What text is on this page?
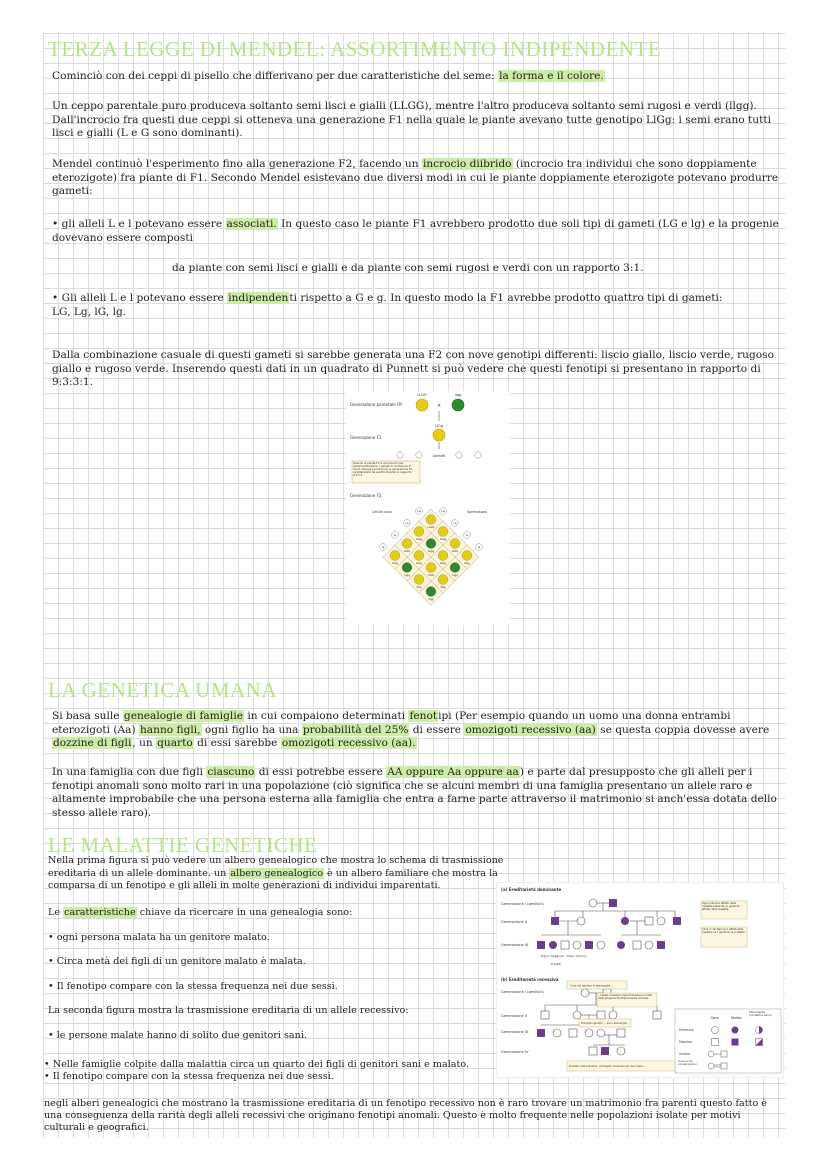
TERZA LEGGE DI MENDEL: ASSORTIMENTO INDIPENDENTE
Cominciò con dei ceppi di pisello che differivano per due caratteristiche del seme: la forma e il colore.
Un ceppo parentale puro produceva soltanto semi lisci e gialli (LLGG), mentre l'altro produceva soltanto semi rugosi e verdi (llgg). Dall'incrocio fra questi due ceppi si otteneva una generazione F1 nella quale le piante avevano tutte genotipo LlGg: i semi erano tutti lisci e gialli (L e G sono dominanti).
Mendel continuò l'esperimento fino alla generazione F2, facendo un incrocio diibrido (incrocio tra individui che sono doppiamente eterozigote) fra piante di F1. Secondo Mendel esistevano due diversi modi in cui le piante doppiamente eterozigote potevano produrre gameti:
• gli alleli L e l potevano essere associati. In questo caso le piante F1 avrebbero prodotto due soli tipi di gameti (LG e lg) e la progenie dovevano essere composti
da piante con semi lisci e gialli e da piante con semi rugosi e verdi con un rapporto 3:1.
• Gli alleli L e l potevano essere indipendenti rispetto a G e g. In questo modo la F1 avrebbe prodotto quattro tipi di gameti: LG, Lg, lG, lg.
Dalla combinazione casuale di questi gameti si sarebbe generata una F2 con nove genotipi differenti: liscio giallo, liscio verde, rugoso giallo e rugoso verde. Inserendo questi dati in un quadrato di Punnett si può vedere che questi fenotipi si presentano in rapporto di 9:3:3:1.
Generazione parentale (P)
LLGG
×
llgg
LlGg
Generazione F1
Gameti
Quando le piante F1 si riproducono per autoimpollinazione, i gameti si combinano in modo casuale e producono la generazione F2, caratterizzata da quattro fenotipi in rapporto 9:3:3:1
Generazione F2
Cellule uovo	Spermatozoi
LLGG
LLGg
LlGG
LlGg
LLGg
LLgg
LlGg
Llgg
LlGG
LlGg
llGG
llGg
LlGg
Llgg
llGg
llgg
LG	LG
Lg	Lg
lG	lG
lg	lg
LA GENETICA UMANA
Si basa sulle genealogie di famiglie in cui compaiono determinati fenotipi (Per esempio quando un uomo una donna entrambi eterozigoti (Aa) hanno figli, ogni figlio ha una probabilità del 25% di essere omozigoti recessivo (aa) se questa coppia dovesse avere dozzine di figli, un quarto di essi sarebbe omozigoti recessivo (aa).
In una famiglia con due figli ciascuno di essi potrebbe essere AA oppure Aa oppure aa) e parte dal presupposto che gli alleli per i fenotipi anomali sono molto rari in una popolazione (ciò significa che se alcuni membri di una famiglia presentano un allele raro e altamente improbabile che una persona esterna alla famiglia che entra a farne parte attraverso il matrimonio si anch'essa dotata dello stesso allele raro).
LE MALATTIE GENETICHE
Nella prima figura si può vedere un albero genealogico che mostra lo schema di trasmissione ereditaria di un allele dominante. un albero genealogico è un albero familiare che mostra la comparsa di un fenotipo e gli alleli in molte generazioni di individui imparentati.
Le caratteristiche chiave da ricercare in una genealogia sono:
• ogni persona malata ha un genitore malato.
• Circa metà dei figli di un genitore malato è malata.
• Il fenotipo compare con la stessa frequenza nei due sessi.
La seconda figura mostra la trasmissione ereditaria di un allele recessivo:
• le persone malate hanno di solito due genitori sani.
• Nelle famiglie colpite dalla malattia circa un quarto dei figli di genitori sani e malato.
• Il fenotipo compare con la stessa frequenza nei due sessi.
negli alberi genealogici che mostrano la trasmissione ereditaria di un fenotipo recessivo non è raro trovare un matrimonio fra parenti questo fatto è una conseguenza della rarità degli alleli recessivi che originano fenotipi anomali. Questo è molto frequente nelle popolazioni isolate per motivi culturali e geografici.
(a) Ereditarietà dominante
Generazione I (genitori)
Generazione II
Generazione III
Figlio maggiore Figlio minore
Fratelli
Ogni individuo affetto dalla malattia presenta un genitore affetto dalla malattia.
Circa ½ dei figli sono affetti dalla malattia se il genitore ne è affetto.
(b) Ereditarietà recessiva
Generazione I (genitori)
Generazione II
Generazione III
Generazione IV
I due dei genitori è eterozigote...
...l'allele recessivo viene trasmesso a metà della progenie fenotipicamente normale.
Entrambi genitori ... sono eterozigoti.
Fenotipo dell'individuo: omozigote recessivo per due copie ...
Sano	Malato
Eterozigote (portatore sano)
Femmina
Maschio
Unione
Unione fra consanguinei
